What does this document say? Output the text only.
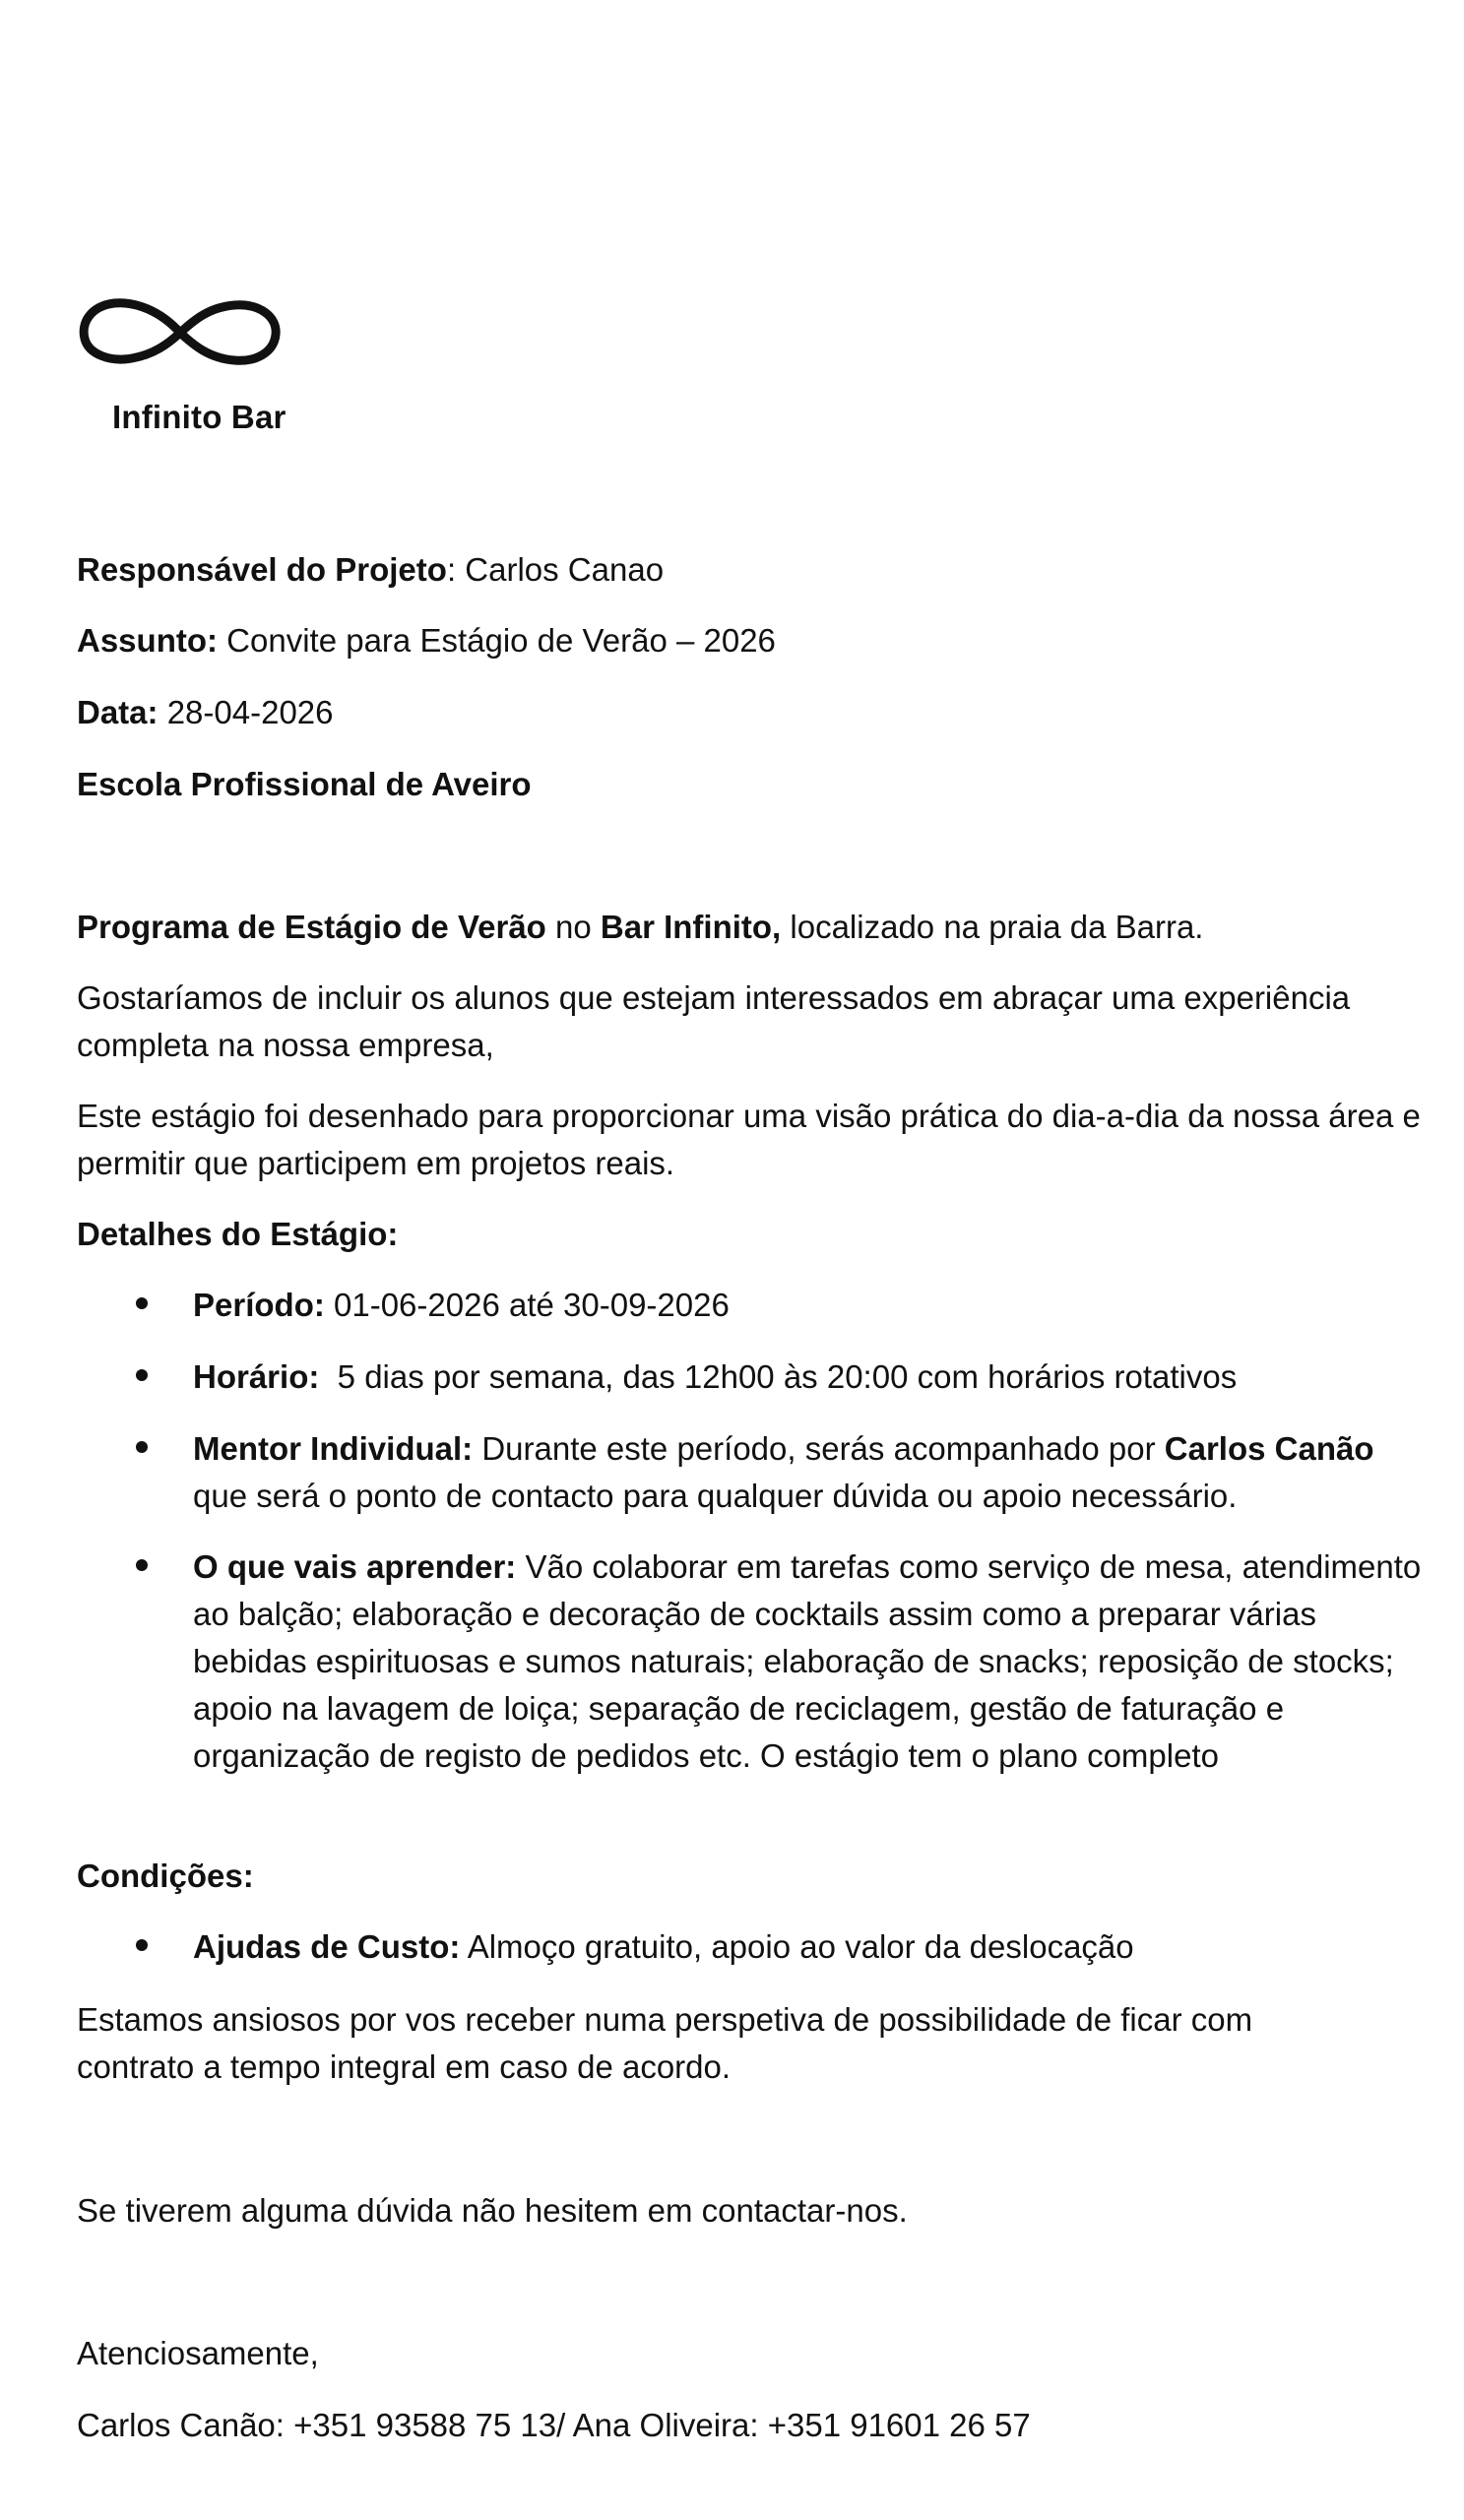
Infinito Bar
Responsável do Projeto: Carlos Canao
Assunto: Convite para Estágio de Verão – 2026
Data: 28-04-2026
Escola Profissional de Aveiro
Programa de Estágio de Verão no Bar Infinito, localizado na praia da Barra.
Gostaríamos de incluir os alunos que estejam interessados em abraçar uma experiência completa na nossa empresa,
Este estágio foi desenhado para proporcionar uma visão prática do dia-a-dia da nossa área e permitir que participem em projetos reais.
Detalhes do Estágio:
Período: 01-06-2026 até 30-09-2026
Horário:  5 dias por semana, das 12h00 às 20:00 com horários rotativos
Mentor Individual: Durante este período, serás acompanhado por Carlos Canão que será o ponto de contacto para qualquer dúvida ou apoio necessário.
O que vais aprender: Vão colaborar em tarefas como serviço de mesa, atendimento ao balção; elaboração e decoração de cocktails assim como a preparar várias bebidas espirituosas e sumos naturais; elaboração de snacks; reposição de stocks; apoio na lavagem de loiça; separação de reciclagem, gestão de faturação e organização de registo de pedidos etc. O estágio tem o plano completo
Condições:
Ajudas de Custo: Almoço gratuito, apoio ao valor da deslocação
Estamos ansiosos por vos receber numa perspetiva de possibilidade de ficar com contrato a tempo integral em caso de acordo.
Se tiverem alguma dúvida não hesitem em contactar-nos.
Atenciosamente,
Carlos Canão: +351 93588 75 13/ Ana Oliveira: +351 91601 26 57
